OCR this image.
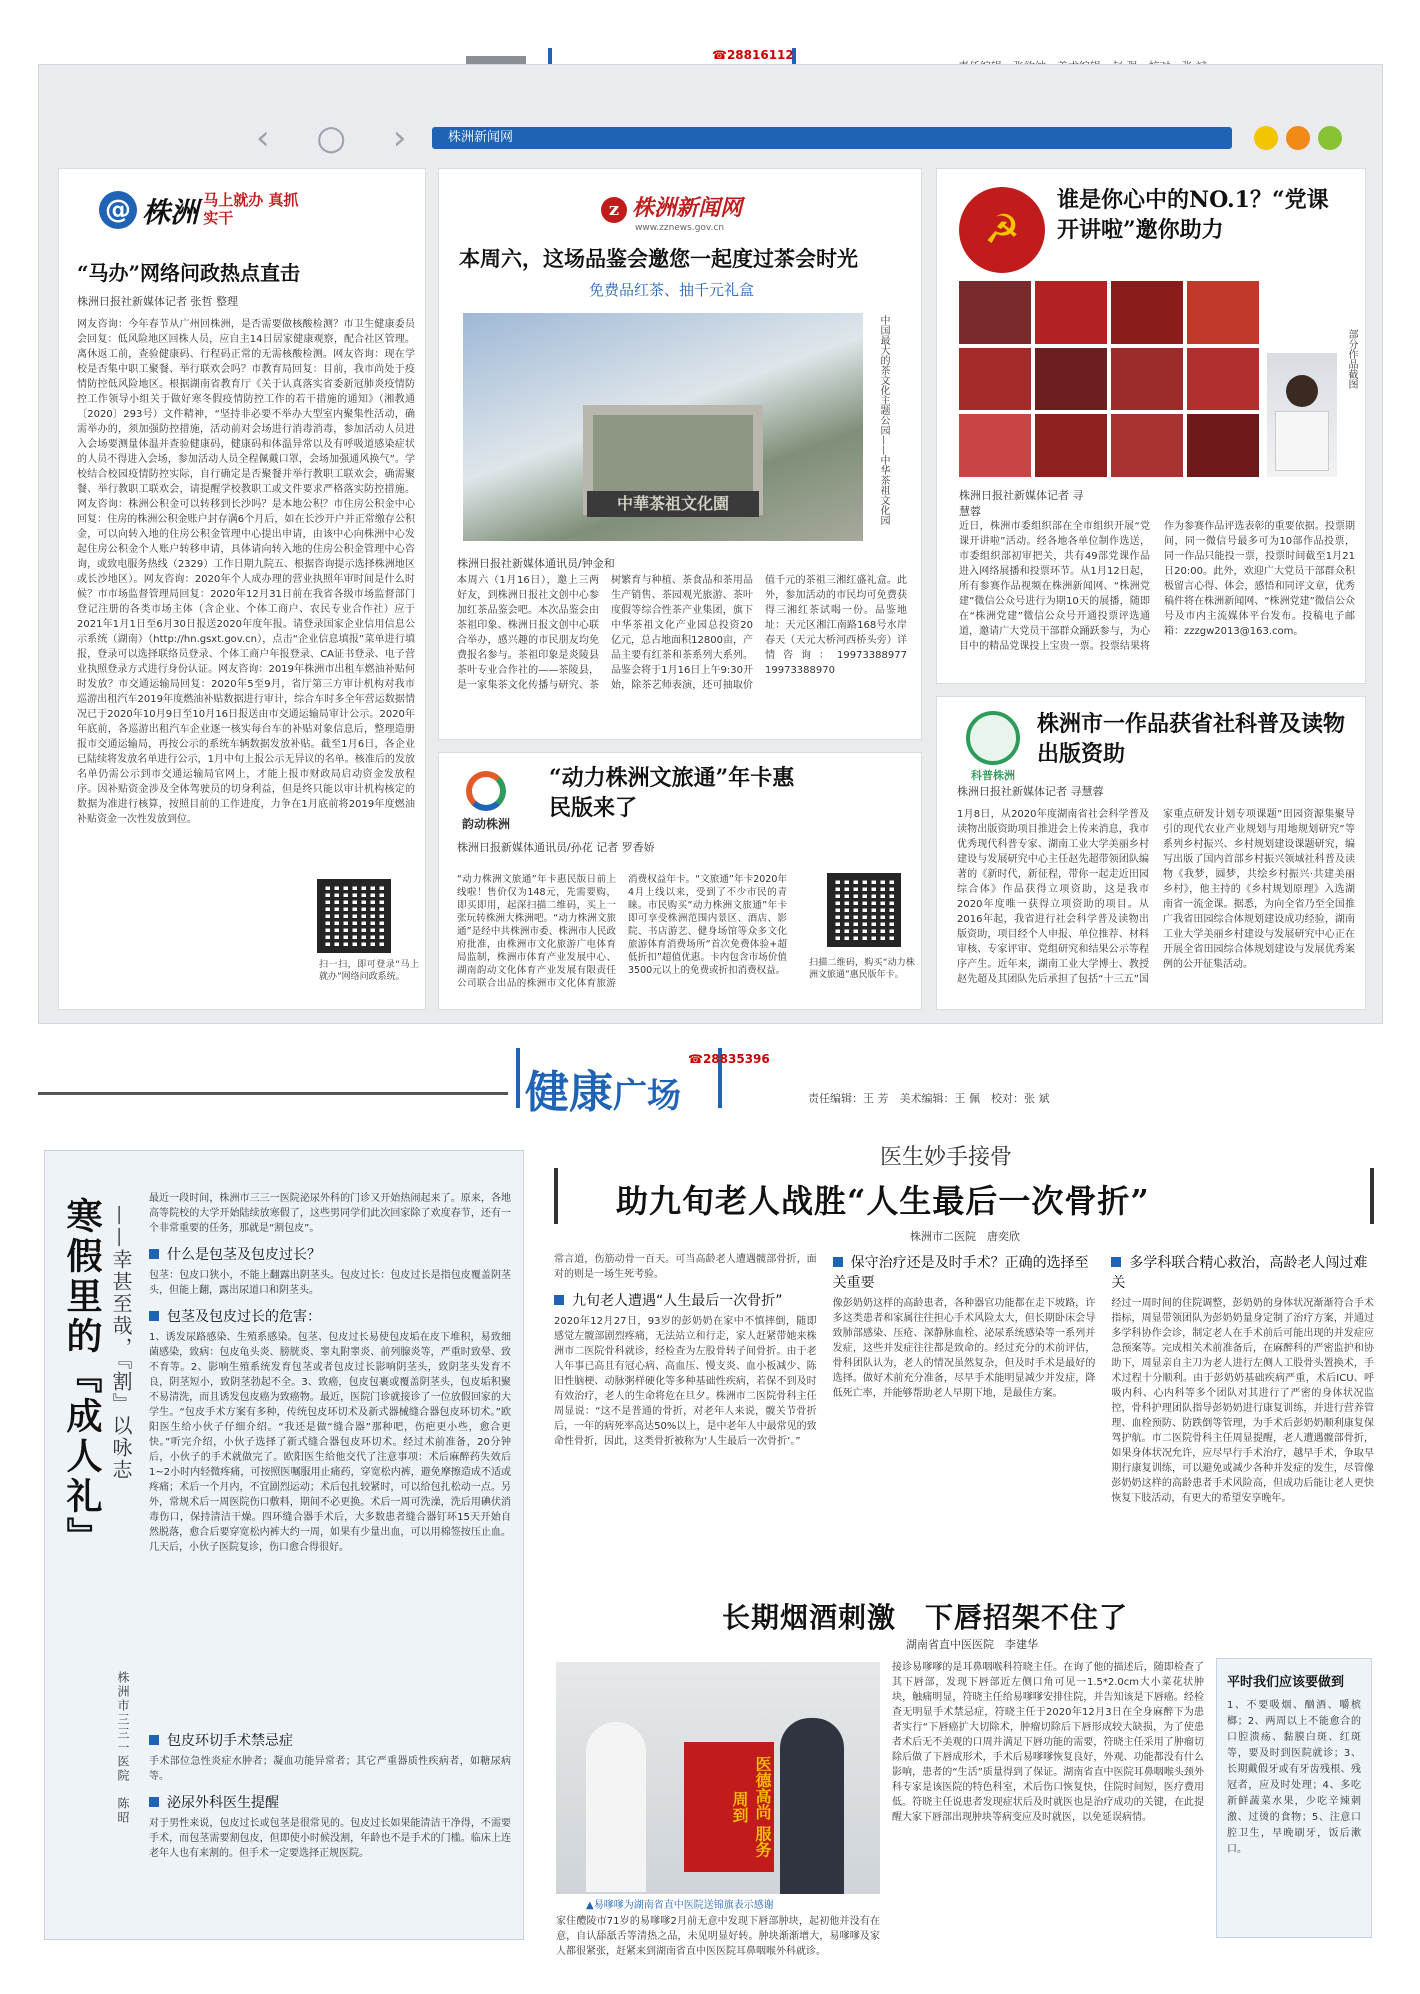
☎28816112
‹ ○ ›	株洲新闻网
@ 株洲 马上就办 真抓实干
“马办”网络问政热点直击
株洲日报社新媒体记者 张哲 整理
网友咨询：今年春节从广州回株洲，是否需要做核酸检测？市卫生健康委员会回复：低风险地区回株人员，应自主14日居家健康观察，配合社区管理。离休返工前，查验健康码、行程码正常的无需核酸检测。网友咨询：现在学校是否集中职工聚餐、举行联欢会吗？市教育局回复：目前，我市尚处于疫情防控低风险地区。根据湖南省教育厅《关于认真落实省委新冠肺炎疫情防控工作领导小组关于做好寒冬假疫情防控工作的若干措施的通知》（湘教通〔2020〕293号）文件精神，“坚持非必要不举办大型室内聚集性活动，确需举办的，须加强防控措施，活动前对会场进行消毒消毒，参加活动人员进入会场要测量体温并查验健康码，健康码和体温异常以及有呼吸道感染症状的人员不得进入会场，参加活动人员全程佩戴口罩，会场加强通风换气”。学校结合校园疫情防控实际，自行确定是否聚餐并举行教职工联欢会，确需聚餐、举行教职工联欢会，请提醒学校教职工或文件要求严格落实防控措施。网友咨询：株洲公积金可以转移到长沙吗？是本地公积？市住房公积金中心回复：住房的株洲公积金账户封存满6个月后，如在长沙开户并正常缴存公积金，可以向转入地的住房公积金管理中心提出申请，由该中心向株洲中心发起住房公积金个人账户转移申请，具体请向转入地的住房公积金管理中心咨询，或致电服务热线（2329）工作日期九院五、根据咨询提示选择株洲地区或长沙地区）。网友咨询：2020年个人成办理的营业执照年审时间是什么时候？市市场监督管理局回复：2020年12月31日前在我省各级市场监督部门登记注册的各类市场主体（含企业、个体工商户、农民专业合作社）应于2021年1月1日至6月30日报送2020年度年报。请登录国家企业信用信息公示系统（湖南）（http://hn.gsxt.gov.cn），点击“企业信息填报”菜单进行填报，登录可以选择联络员登录、个体工商户年报登录、CA证书登录、电子营业执照登录方式进行身份认证。网友咨询：2019年株洲市出租车燃油补贴何时发放？市交通运输局回复：2020年5至9月，省厅第三方审计机构对我市巡游出租汽车2019年度燃油补贴数据进行审计，综合车时多全年营运数据情况已于2020年10月9日至10月16日报送由市交通运输局审计公示。2020年年底前，各巡游出租汽车企业逐一核实每台车的补贴对象信息后，整理造册报市交通运输局，再按公示的系统车辆数据发放补贴。截至1月6日，各企业已陆续将发放名单进行公示，1月中旬上报公示无异议的名单。核准后的发放名单仍需公示到市交通运输局官网上，才能上报市财政局启动资金发放程序。因补贴资金涉及全体驾驶员的切身利益，但是终只能以审计机构核定的数据为准进行核算，按照目前的工作进度，力争在1月底前将2019年度燃油补贴资金一次性发放到位。
扫一扫，即可登录“马上就办”网络问政系统。
z 株洲新闻网
www.zznews.gov.cn
本周六，这场品鉴会邀您一起度过茶会时光
免费品红茶、抽千元礼盒
中華茶祖文化園	中国最大的茶文化主题公园——中华茶祖文化园
株洲日报社新媒体通讯员/钟金和
本周六（1月16日），邀上三两好友，到株洲日报社文创中心参加红茶品鉴会吧。本次品鉴会由茶祖印象、株洲日报文创中心联合举办，感兴趣的市民朋友均免费报名参与。茶祖印象是炎陵县茶叶专业合作社的——茶陵县，是一家集茶文化传播与研究、茶树繁育与种植、茶食品和茶用品生产销售、茶园观光旅游、茶叶度假等综合性茶产业集团，旗下中华茶祖文化产业园总投资20亿元，总占地面积12800亩，产品主要有红茶和茶系列大系列。品鉴会将于1月16日上午9:30开始，除茶艺师表演，还可抽取价值千元的茶祖三湘红盛礼盒。此外，参加活动的市民均可免费获得三湘红茶试喝一份。品鉴地址：天元区湘江南路168号水岸春天（天元大桥河西桥头旁）详情咨询：19973388977 19973388970
韵动株洲
“动力株洲文旅通”年卡惠民版来了
株洲日报新媒体通讯员/孙花 记者 罗香娇
“动力株洲文旅通”年卡惠民版日前上线啦！售价仅为148元，先需要购，即买即用，起深扫描二维码，买上一张玩转株洲大株洲吧。“动力株洲文旅通”是经中共株洲市委、株洲市人民政府批准，由株洲市文化旅游广电体育局监制，株洲市体育产业发展中心、湖南韵动文化体育产业发展有限责任公司联合出品的株洲市文化体育旅游消费权益年卡。“文旅通”年卡2020年4月上线以来，受到了不少市民的青睐。市民购买“动力株洲文旅通”年卡即可享受株洲范围内景区、酒店、影院、书店游艺、健身场馆等众多文化旅游体育消费场所“首次免费体验+超低折扣”超值优惠。卡内包含市场价值3500元以上的免费或折扣消费权益。
扫描二维码，购买“动力株洲文旅通”惠民版年卡。
☭
谁是你心中的NO.1？“党课开讲啦”邀你助力
部分作品截图
株洲日报社新媒体记者 寻慧蓉
近日，株洲市委组织部在全市组织开展“党课开讲啦”活动。经各地各单位制作选送，市委组织部初审把关，共有49部党课作品进入网络展播和投票环节。从1月12日起，所有参赛作品视频在株洲新闻网、“株洲党建”微信公众号进行为期10天的展播，随即在“株洲党建”微信公众号开通投票评选通道，邀请广大党员干部群众踊跃参与，为心目中的精品党课投上宝贵一票。投票结果将作为参赛作品评选表彰的重要依据。投票期间，同一微信号最多可为10部作品投票，同一作品只能投一票，投票时间截至1月21日20:00。此外，欢迎广大党员干部群众积极留言心得、体会，感悟和同评文章，优秀稿件将在株洲新闻网、“株洲党建”微信公众号及市内主流媒体平台发布。投稿电子邮箱：zzzgw2013@163.com。
科普株洲
株洲市一作品获省社科普及读物出版资助
株洲日报社新媒体记者 寻慧蓉
1月8日，从2020年度湖南省社会科学普及读物出版资助项目推进会上传来消息，我市优秀现代科普专家、湖南工业大学美丽乡村建设与发展研究中心主任赵先超带领团队编著的《新时代，新征程，带你一起走近田园综合体》作品获得立项资助，这是我市2020年度唯一获得立项资助的项目。从2016年起，我省进行社会科学普及读物出版资助，项目经个人申报、单位推荐、材料审核、专家评审、党组研究和结果公示等程序产生。近年来，湖南工业大学博士、教授赵先超及其团队先后承担了包括“十三五”国家重点研发计划专项课题”田园资源集聚导引的现代农业产业规划与用地规划研究”等系列乡村振兴、乡村规划建设课题研究，编写出版了国内首部乡村振兴领域社科普及读物《我梦，圆梦，共绘乡村振兴·共建美丽乡村》，他主持的《乡村规划原理》入选湖南省一流金课。据悉，为向全省乃至全国推广我省田园综合体规划建设成功经验，湖南工业大学美丽乡村建设与发展研究中心正在开展全省田园综合体规划建设与发展优秀案例的公开征集活动。
健康广场
☎28835396
责任编辑：王 芳　美术编辑：王 佩　校对：张 斌
寒假里的『成人礼』 ——幸甚至哉，『割』以咏志
株洲市三三一医院　陈昭
最近一段时间，株洲市三三一医院泌尿外科的门诊又开始热闹起来了。原来，各地高等院校的大学开始陆续放寒假了，这些男同学们此次回家除了欢度春节，还有一个非常重要的任务，那就是“割包皮”。
什么是包茎及包皮过长？
包茎：包皮口狭小，不能上翻露出阴茎头。包皮过长：包皮过长是指包皮覆盖阴茎头，但能上翻，露出尿道口和阴茎头。
包茎及包皮过长的危害：
1、诱发尿路感染、生殖系感染。包茎、包皮过长易使包皮垢在皮下堆积，易致细菌感染，致病：包皮龟头炎、膀胱炎、睾丸附睾炎、前列腺炎等，严重时致晕、致不育等。2、影响生殖系统发育包茎或者包皮过长影响阴茎头，致阴茎头发育不良，阴茎短小，致阴茎勃起不全。3、致癌，包皮包裹或覆盖阴茎头，包皮垢积聚不易清洗，而且诱发包皮癌为致癌物。最近，医院门诊就接诊了一位放假回家的大学生。“包皮手术方案有多种，传统包皮环切术及新式器械缝合器包皮环切术。”欧阳医生给小伙子仔细介绍。“我还是做“缝合器”那种吧，伤疤更小些，愈合更快。”听完介绍，小伙子选择了新式缝合器包皮环切术。经过术前准备，20分钟后，小伙子的手术就做完了。欧阳医生给他交代了注意事项：术后麻醉药失效后1~2小时内轻微疼痛，可按照医嘱服用止痛药，穿宽松内裤，避免摩擦造成不适或疼痛；术后一个月内，不宜剧烈运动；术后包扎较紧时，可以给包扎松动一点。另外，常规术后一周医院伤口敷料，期间不必更换。术后一周可洗澡，洗后用碘伏消毒伤口，保持清洁干燥。四环缝合器手术后，大多数患者缝合器钉环15天开始自然脱落，愈合后要穿宽松内裤大约一周，如果有少量出血，可以用棉签按压止血。几天后，小伙子医院复诊，伤口愈合得很好。
包皮环切手术禁忌症
手术部位急性炎症水肿者；凝血功能异常者；其它严重器质性疾病者，如糖尿病等。
泌尿外科医生提醒
对于男性来说，包皮过长或包茎是很常见的。包皮过长如果能清洁干净得，不需要手术，而包茎需要割包皮，但即使小时候没割，年龄也不是手术的门槛。临床上连老年人也有来割的。但手术一定要选择正规医院。
医生妙手接骨
助九旬老人战胜“人生最后一次骨折”
株洲市二医院　唐奕欣
常言道，伤筋动骨一百天。可当高龄老人遭遇髋部骨折，面对的则是一场生死考验。
九旬老人遭遇“人生最后一次骨折”
2020年12月27日，93岁的彭奶奶在家中不慎摔倒，随即感觉左髋部剧烈疼痛，无法站立和行走，家人赶紧带她来株洲市二医院骨科就诊，经检查为左股骨转子间骨折。由于老人年事已高且有冠心病、高血压、慢支炎、血小板减少、陈旧性脑梗、动脉粥样硬化等多种基础性疾病，若保不到及时有效治疗，老人的生命将危在旦夕。株洲市二医院骨科主任周显说：“这不是普通的骨折，对老年人来说，髋关节骨折后，一年的病死率高达50%以上，是中老年人中最常见的致命性骨折，因此，这类骨折被称为‘人生最后一次骨折’。”
保守治疗还是及时手术？正确的选择至关重要
像彭奶奶这样的高龄患者，各种器官功能都在走下坡路，许多这类患者和家属往往担心手术风险太大，但长期卧床会导致肺部感染、压疮、深静脉血栓、泌尿系统感染等一系列并发症，这些并发症往往都是致命的。经过充分的术前评估，骨科团队认为，老人的情况虽然复杂，但及时手术是最好的选择。做好术前充分准备，尽早手术能明显减少并发症，降低死亡率，并能够帮助老人早期下地，是最佳方案。
多学科联合精心救治，高龄老人闯过难关
经过一周时间的住院调整，彭奶奶的身体状况渐渐符合手术指标，周显带领团队为彭奶奶量身定制了治疗方案，并通过多学科协作会诊，制定老人在手术前后可能出现的并发症应急预案等。完成相关术前准备后，在麻醉科的严密监护和协助下，周显亲自主刀为老人进行左侧人工股骨头置换术，手术过程十分顺利。由于彭奶奶基础疾病严重，术后ICU、呼吸内科、心内科等多个团队对其进行了严密的身体状况监控，骨科护理团队指导彭奶奶进行康复训练，并进行营养管理、血栓预防、防跌倒等管理，为手术后彭奶奶顺利康复保驾护航。市二医院骨科主任周显提醒，老人遭遇髋部骨折，如果身体状况允许，应尽早行手术治疗，越早手术，争取早期行康复训练，可以避免或减少各种并发症的发生，尽管像彭奶奶这样的高龄患者手术风险高，但成功后能让老人更快恢复下肢活动，有更大的希望安享晚年。
长期烟酒刺激　下唇招架不住了
湖南省直中医医院　李建华
医德高尚 服务周到
▲易嗲嗲为湖南省直中医院送锦旗表示感谢
家住醴陵市71岁的易嗲嗲2月前无意中发现下唇部肿块，起初他并没有在意，自认舔舐舌等清热之品，未见明显好转。肿块渐渐增大，易嗲嗲及家人都很紧张，赶紧来到湖南省直中医医院耳鼻咽喉外科就诊。
接诊易嗲嗲的是耳鼻咽喉科符晓主任。在询了他的描述后，随即检查了其下唇部，发现下唇部近左侧口角可见一1.5*2.0cm大小菜花状肿块，触痛明显，符晓主任给易嗲嗲安排住院，并告知该是下唇癌。经检查无明显手术禁忌症，符晓主任于2020年12月3日在全身麻醉下为患者实行“下唇癌扩大切除术，肿瘤切除后下唇形成较大缺损，为了使患者术后无不美观的口周并满足下唇功能的需要，符晓主任采用了肿瘤切除后做了下唇成形术，手术后易嗲嗲恢复良好，外观、功能都没有什么影响，患者的“生活”质量得到了保证。湖南省直中医院耳鼻咽喉头颈外科专家是该医院的特色科室，术后伤口恢复快，住院时间短，医疗费用低。符晓主任说患者发现症状后及时就医也是治疗成功的关键，在此提醒大家下唇部出现肿块等病变应及时就医，以免延误病情。
平时我们应该要做到
1、不要吸烟、酗酒、嚼槟榔；2、两周以上不能愈合的口腔溃疡、黏膜白斑、红斑等，要及时到医院就诊；3、长期戴假牙或有牙齿残根、残冠者，应及时处理；4、多吃新鲜蔬菜水果，少吃辛辣刺激、过烫的食物；5、注意口腔卫生，早晚刷牙，饭后漱口。
